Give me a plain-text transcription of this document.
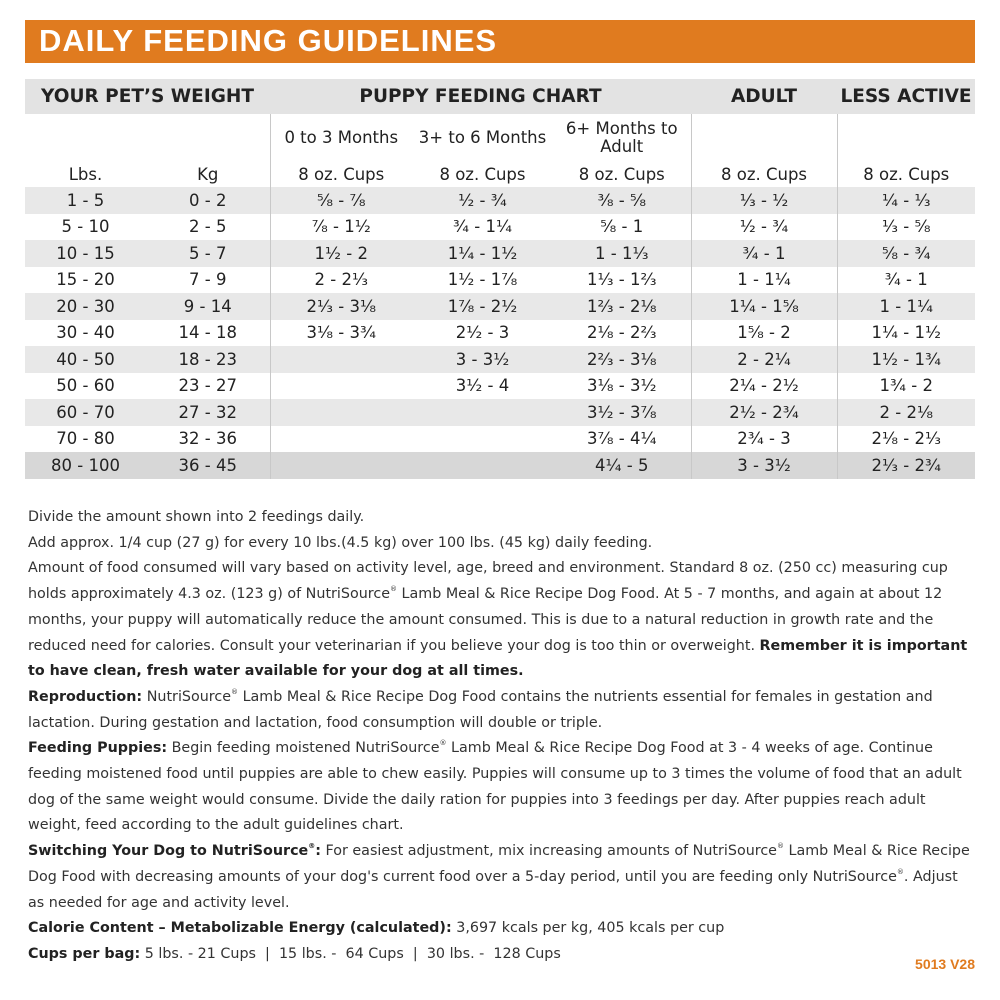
DAILY FEEDING GUIDELINES
YOUR PET’S WEIGHT		PUPPY FEEDING CHART			ADULT	LESS ACTIVE
		0 to 3 Months	3+ to 6 Months	6+ Months to Adult		
Lbs.	Kg	8 oz. Cups	8 oz. Cups	8 oz. Cups	8 oz. Cups	8 oz. Cups
1 - 5	0 - 2	⁵⁄₈ - ⁷⁄₈	¹⁄₂ - ³⁄₄	³⁄₈ - ⁵⁄₈	¹⁄₃ - ¹⁄₂	¹⁄₄ - ¹⁄₃
5 - 10	2 - 5	⁷⁄₈ - 1¹⁄₂	³⁄₄ - 1¹⁄₄	⁵⁄₈ - 1	¹⁄₂ - ³⁄₄	¹⁄₃ - ⁵⁄₈
10 - 15	5 - 7	1¹⁄₂ - 2	1¹⁄₄ - 1¹⁄₂	1 - 1¹⁄₃	³⁄₄ - 1	⁵⁄₈ - ³⁄₄
15 - 20	7 - 9	2 - 2¹⁄₃	1¹⁄₂ - 1⁷⁄₈	1¹⁄₃ - 1²⁄₃	1 - 1¹⁄₄	³⁄₄ - 1
20 - 30	9 - 14	2¹⁄₃ - 3¹⁄₈	1⁷⁄₈ - 2¹⁄₂	1²⁄₃ - 2¹⁄₈	1¹⁄₄ - 1⁵⁄₈	1 - 1¹⁄₄
30 - 40	14 - 18	3¹⁄₈ - 3³⁄₄	2¹⁄₂ - 3	2¹⁄₈ - 2²⁄₃	1⁵⁄₈ - 2	1¹⁄₄ - 1¹⁄₂
40 - 50	18 - 23		3 - 3¹⁄₂	2²⁄₃ - 3¹⁄₈	2 - 2¹⁄₄	1¹⁄₂ - 1³⁄₄
50 - 60	23 - 27		3¹⁄₂ - 4	3¹⁄₈ - 3¹⁄₂	2¹⁄₄ - 2¹⁄₂	1³⁄₄ - 2
60 - 70	27 - 32			3¹⁄₂ - 3⁷⁄₈	2¹⁄₂ - 2³⁄₄	2 - 2¹⁄₈
70 - 80	32 - 36			3⁷⁄₈ - 4¹⁄₄	2³⁄₄ - 3	2¹⁄₈ - 2¹⁄₃
80 - 100	36 - 45			4¹⁄₄ - 5	3 - 3¹⁄₂	2¹⁄₃ - 2³⁄₄

Divide the amount shown into 2 feedings daily.

Add approx. 1/4 cup (27 g) for every 10 lbs.(4.5 kg) over 100 lbs. (45 kg) daily feeding.

Amount of food consumed will vary based on activity level, age, breed and environment. Standard 8 oz. (250 cc) measuring cup holds approximately 4.3 oz. (123 g) of NutriSource® Lamb Meal & Rice Recipe Dog Food. At 5 - 7 months, and again at about 12 months, your puppy will automatically reduce the amount consumed. This is due to a natural reduction in growth rate and the reduced need for calories. Consult your veterinarian if you believe your dog is too thin or overweight. Remember it is important to have clean, fresh water available for your dog at all times.

Reproduction: NutriSource® Lamb Meal & Rice Recipe Dog Food contains the nutrients essential for females in gestation and lactation. During gestation and lactation, food consumption will double or triple.

Feeding Puppies: Begin feeding moistened NutriSource® Lamb Meal & Rice Recipe Dog Food at 3 - 4 weeks of age. Continue feeding moistened food until puppies are able to chew easily. Puppies will consume up to 3 times the volume of food that an adult dog of the same weight would consume. Divide the daily ration for puppies into 3 feedings per day. After puppies reach adult weight, feed according to the adult guidelines chart.

Switching Your Dog to NutriSource®: For easiest adjustment, mix increasing amounts of NutriSource® Lamb Meal & Rice Recipe Dog Food with decreasing amounts of your dog's current food over a 5-day period, until you are feeding only NutriSource®. Adjust as needed for age and activity level.

Calorie Content – Metabolizable Energy (calculated): 3,697 kcals per kg, 405 kcals per cup

Cups per bag: 5 lbs. - 21 Cups  |  15 lbs. -  64 Cups  |  30 lbs. -  128 Cups

5013 V28
